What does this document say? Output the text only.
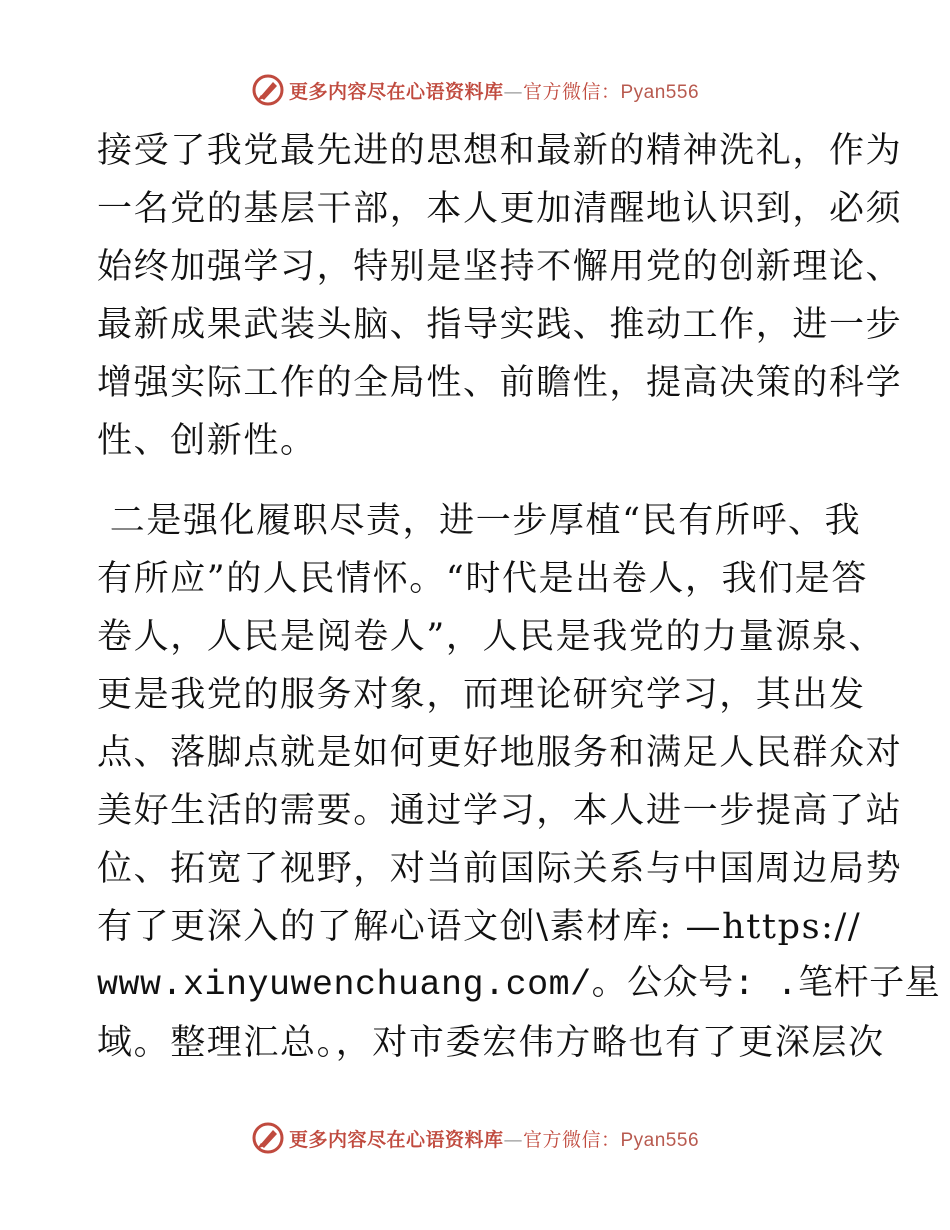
更多内容尽在心语资料库—官方微信：Pyan556
接受了我党最先进的思想和最新的精神洗礼，作为
一名党的基层干部，本人更加清醒地认识到，必须
始终加强学习，特别是坚持不懈用党的创新理论、
最新成果武装头脑、指导实践、推动工作，进一步
增强实际工作的全局性、前瞻性，提高决策的科学
性、创新性。
二是强化履职尽责，进一步厚植“民有所呼、我
有所应”的人民情怀。“时代是出卷人，我们是答
卷人，人民是阅卷人”，人民是我党的力量源泉、
更是我党的服务对象，而理论研究学习，其出发
点、落脚点就是如何更好地服务和满足人民群众对
美好生活的需要。通过学习，本人进一步提高了站
位、拓宽了视野，对当前国际关系与中国周边局势
有了更深入的了解心语文创\素材库: —https://
www.xinyuwenchuang.com/。公众号: .笔杆子星
域。整理汇总。，对市委宏伟方略也有了更深层次
更多内容尽在心语资料库—官方微信：Pyan556
